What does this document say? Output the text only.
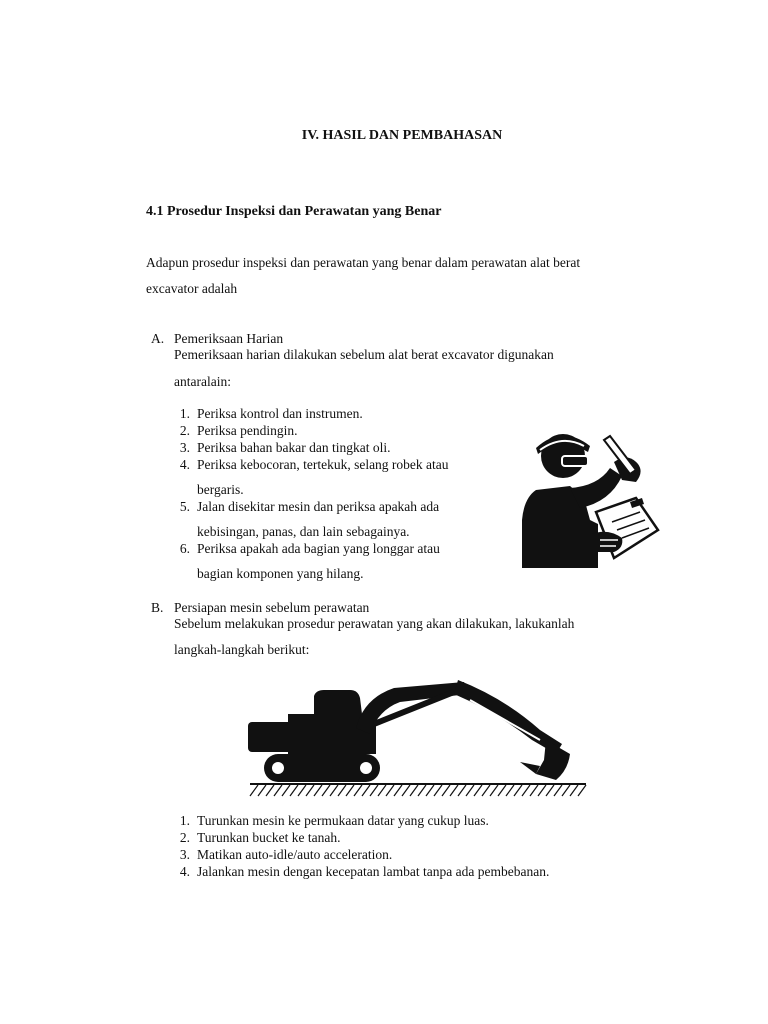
IV. HASIL DAN PEMBAHASAN
4.1 Prosedur Inspeksi dan Perawatan yang Benar
Adapun prosedur inspeksi dan perawatan yang benar dalam perawatan alat berat
excavator adalah
A. Pemeriksaan Harian
Pemeriksaan harian dilakukan sebelum alat berat excavator digunakan
antaralain:
1. Periksa kontrol dan instrumen.
2. Periksa pendingin.
3. Periksa bahan bakar dan tingkat oli.
4. Periksa kebocoran, tertekuk, selang robek atau
bergaris.
5. Jalan disekitar mesin dan periksa apakah ada
kebisingan, panas, dan lain sebagainya.
6. Periksa apakah ada bagian yang longgar atau
bagian komponen yang hilang.
B. Persiapan mesin sebelum perawatan
Sebelum melakukan prosedur perawatan yang akan dilakukan, lakukanlah
langkah-langkah berikut:
1. Turunkan mesin ke permukaan datar yang cukup luas.
2. Turunkan bucket ke tanah.
3. Matikan auto-idle/auto acceleration.
4. Jalankan mesin dengan kecepatan lambat tanpa ada pembebanan.
